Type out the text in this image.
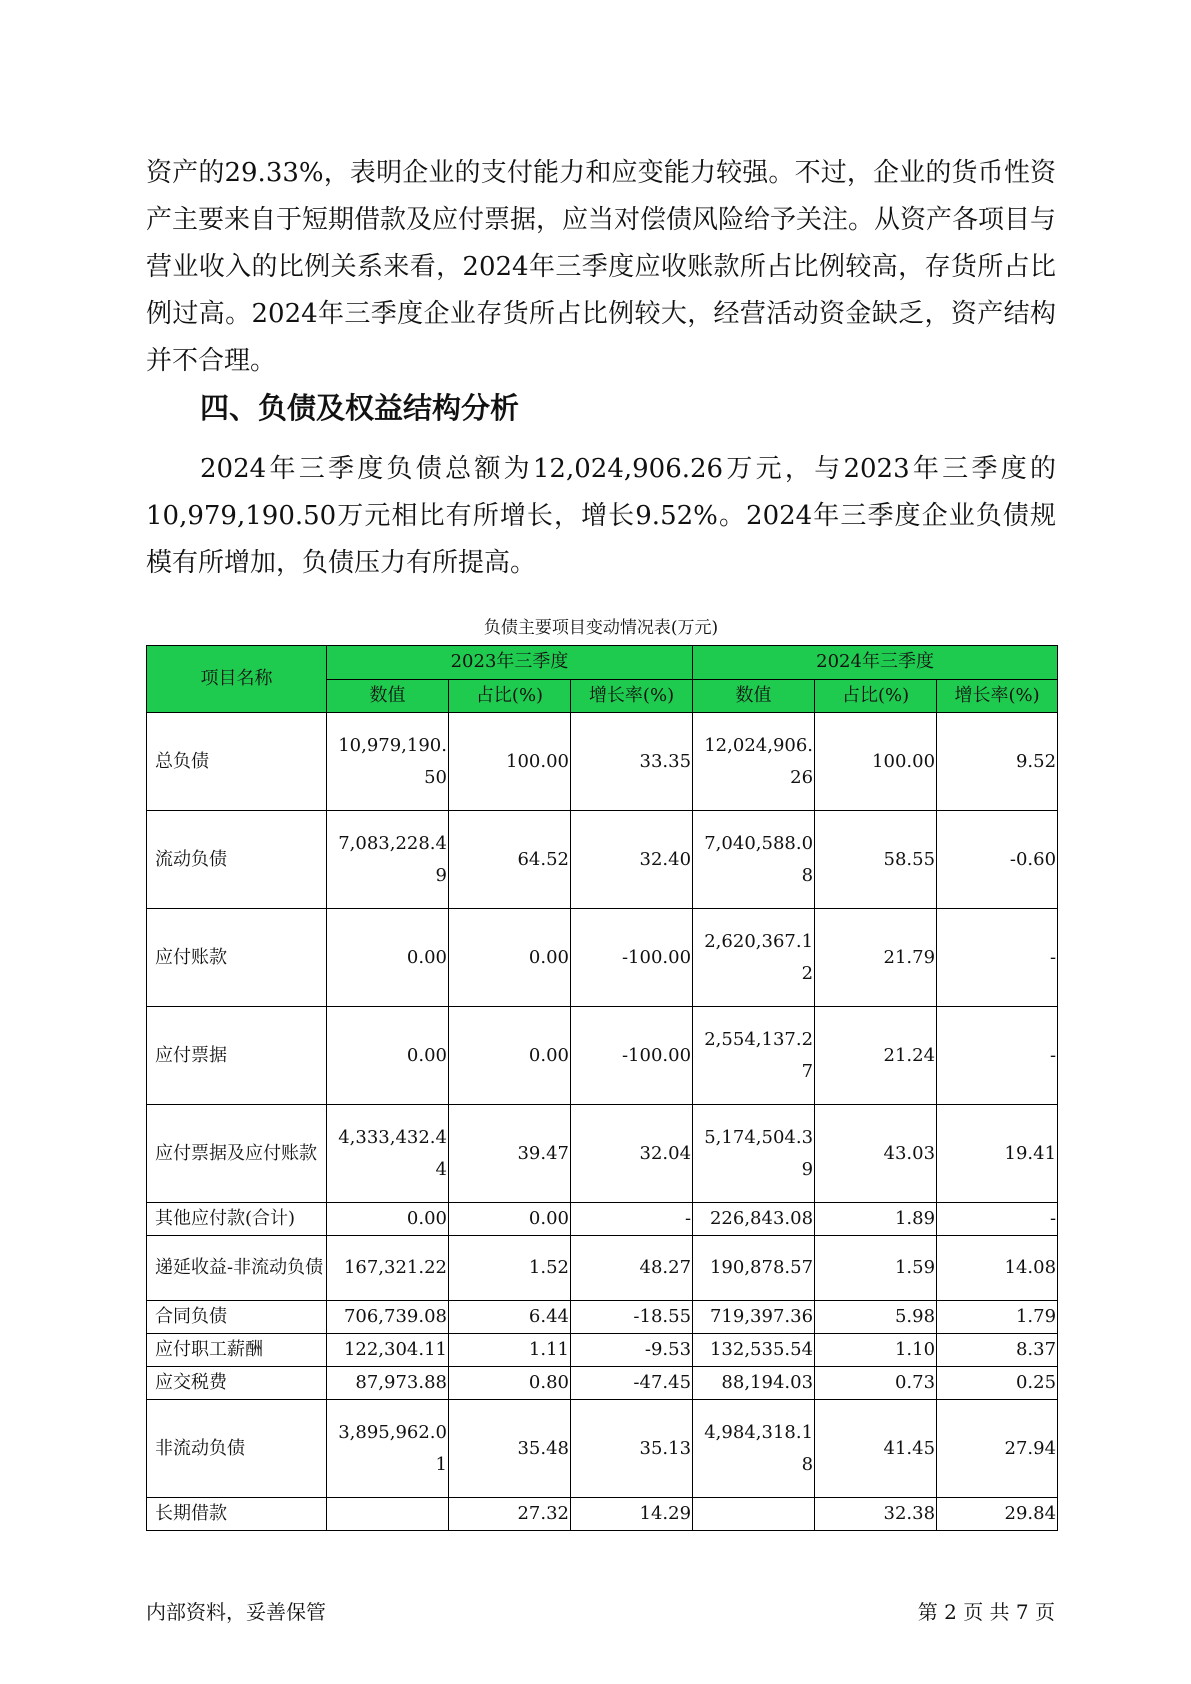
资产的29.33%，表明企业的支付能力和应变能力较强。不过，企业的货币性资产主要来自于短期借款及应付票据，应当对偿债风险给予关注。从资产各项目与营业收入的比例关系来看，2024年三季度应收账款所占比例较高，存货所占比例过高。2024年三季度企业存货所占比例较大，经营活动资金缺乏，资产结构并不合理。

四、负债及权益结构分析

2024年三季度负债总额为12,024,906.26万元，与2023年三季度的10,979,190.50万元相比有所增长，增长9.52%。2024年三季度企业负债规模有所增加，负债压力有所提高。

负债主要项目变动情况表(万元)
项目名称	2023年三季度			2024年三季度		
	数值	占比(%)	增长率(%)	数值	占比(%)	增长率(%)
总负债	10,979,190.50	100.00	33.35	12,024,906.26	100.00	9.52
流动负债	7,083,228.49	64.52	32.40	7,040,588.08	58.55	-0.60
应付账款	0.00	0.00	-100.00	2,620,367.12	21.79	-
应付票据	0.00	0.00	-100.00	2,554,137.27	21.24	-
应付票据及应付账款	4,333,432.44	39.47	32.04	5,174,504.39	43.03	19.41
其他应付款(合计)	0.00	0.00	-	226,843.08	1.89	-
递延收益-非流动负债	167,321.22	1.52	48.27	190,878.57	1.59	14.08
合同负债	706,739.08	6.44	-18.55	719,397.36	5.98	1.79
应付职工薪酬	122,304.11	1.11	-9.53	132,535.54	1.10	8.37
应交税费	87,973.88	0.80	-47.45	88,194.03	0.73	0.25
非流动负债	3,895,962.01	35.48	35.13	4,984,318.18	41.45	27.94
长期借款		27.32	14.29		32.38	29.84
内部资料，妥善保管	第 2 页 共 7 页
